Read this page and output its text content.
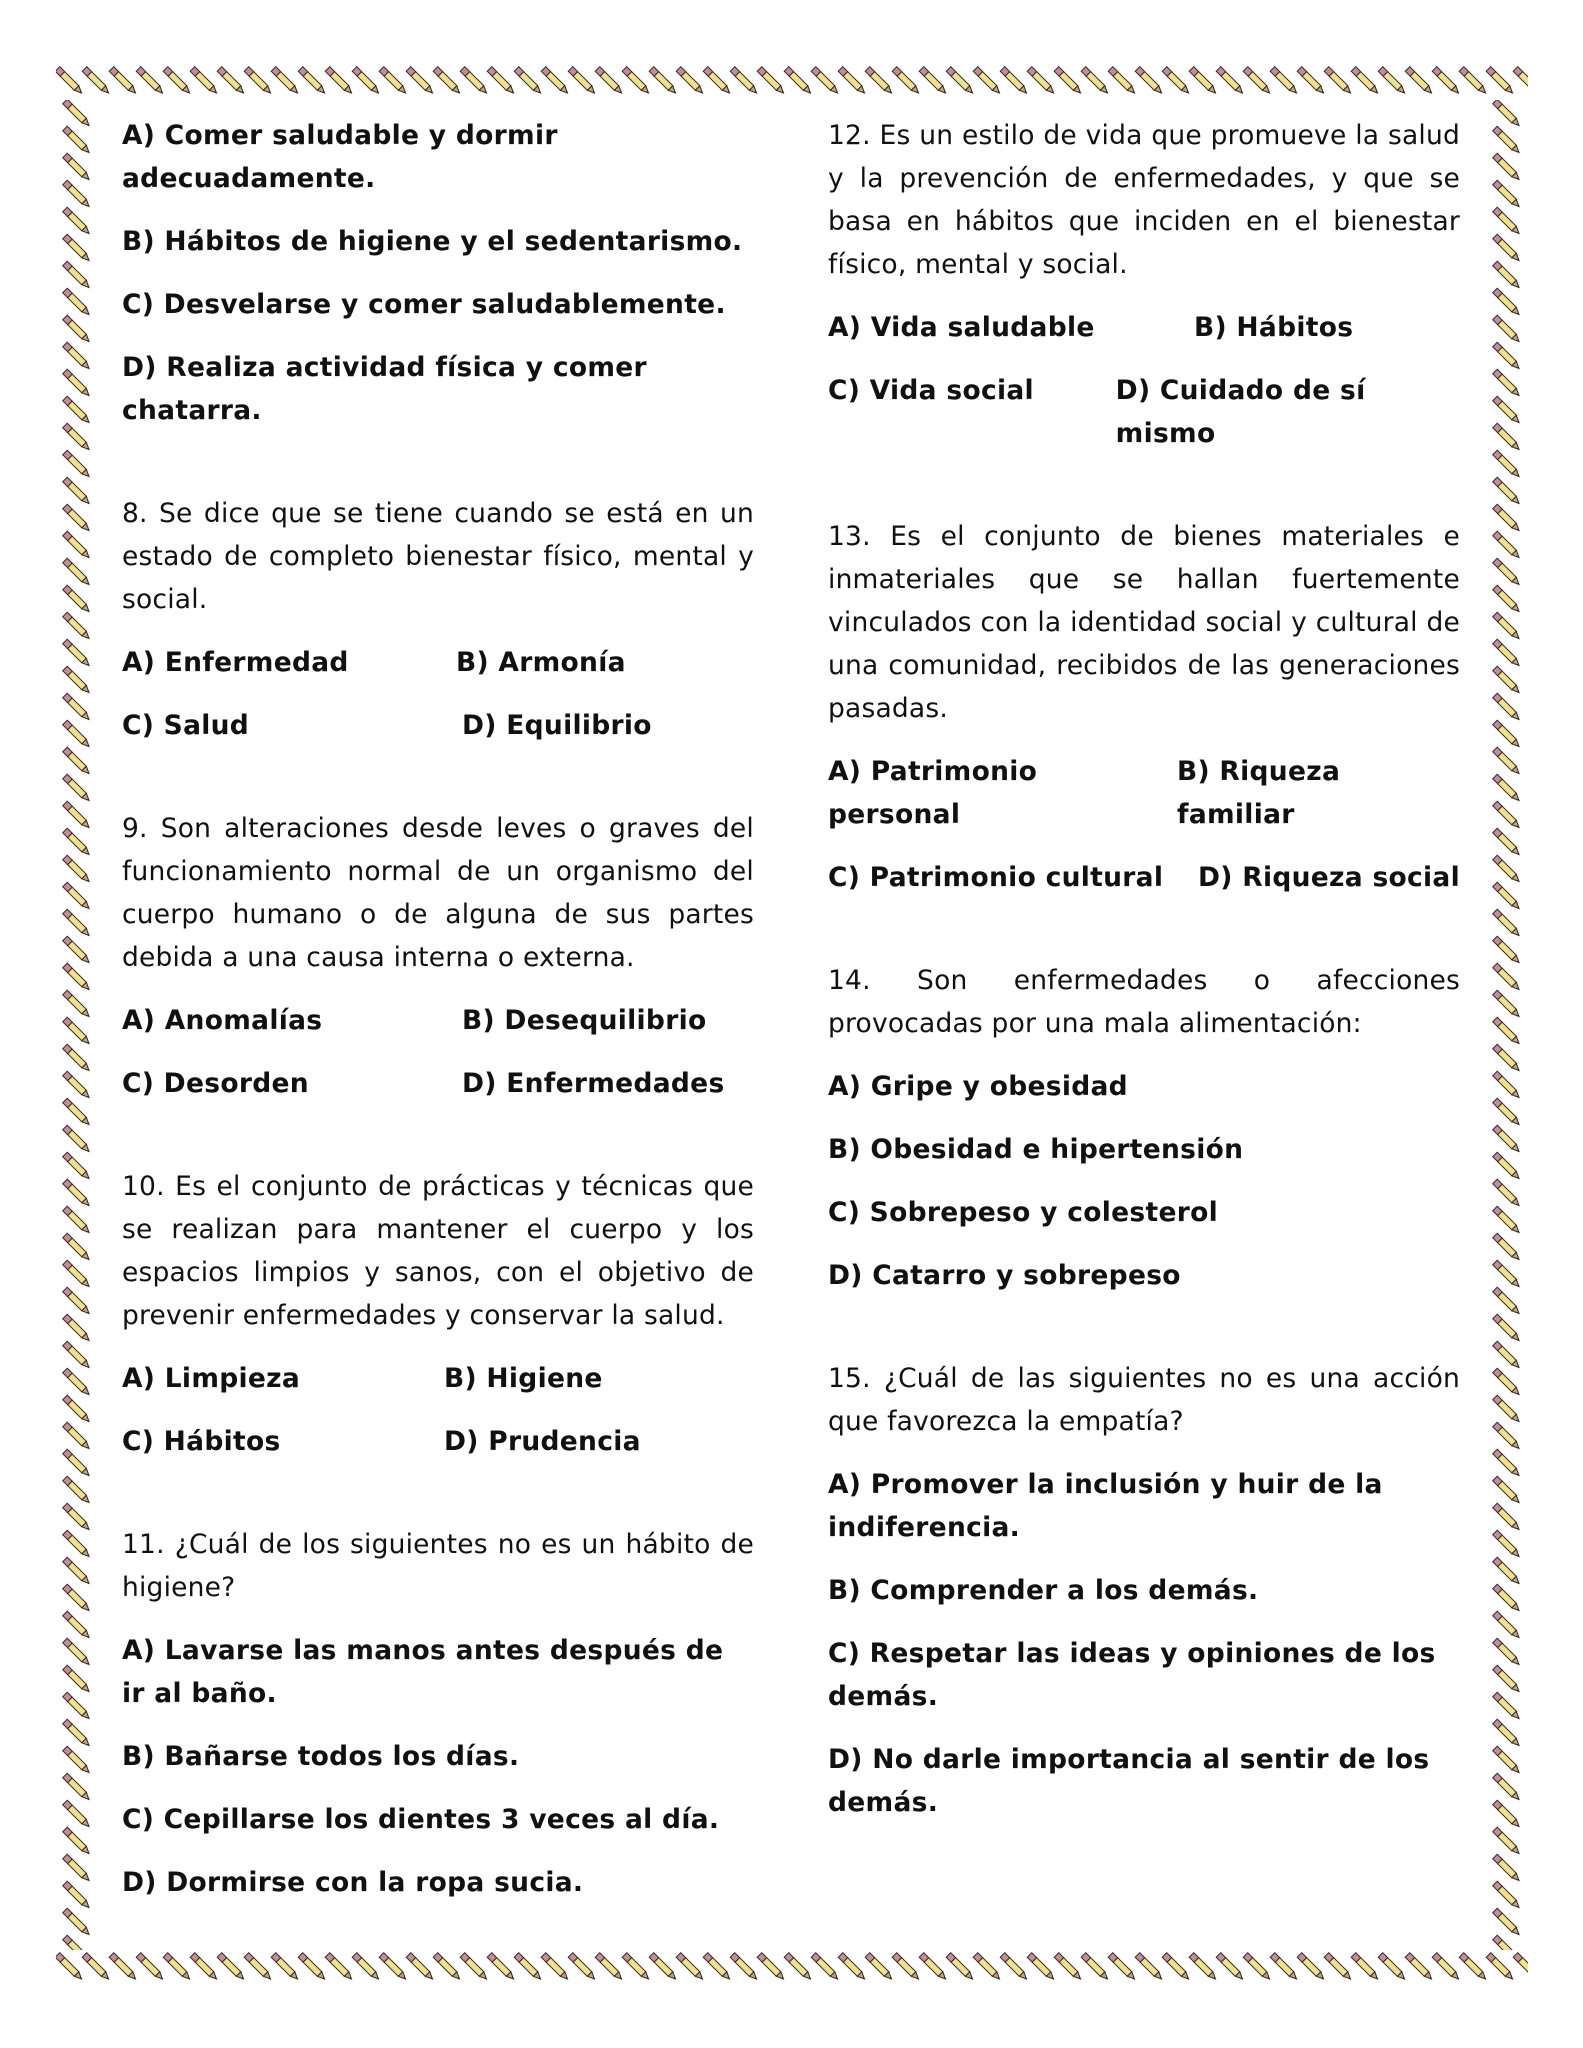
A) Comer saludable y dormir adecuadamente.
B) Hábitos de higiene y el sedentarismo.
C) Desvelarse y comer saludablemente.
D) Realiza actividad física y comer chatarra.

8. Se dice que se tiene cuando se está en un estado de completo bienestar físico, mental y social.

A) Enfermedad	B) Armonía
C) Salud	D) Equilibrio

9. Son alteraciones desde leves o graves del funcionamiento normal de un organismo del cuerpo humano o de alguna de sus partes debida a una causa interna o externa.

A) Anomalías	B) Desequilibrio
C) Desorden	D) Enfermedades

10. Es el conjunto de prácticas y técnicas que se realizan para mantener el cuerpo y los espacios limpios y sanos, con el objetivo de prevenir enfermedades y conservar la salud.

A) Limpieza	B) Higiene
C) Hábitos	D) Prudencia

11. ¿Cuál de los siguientes no es un hábito de higiene?

A) Lavarse las manos antes después de ir al baño.
B) Bañarse todos los días.
C) Cepillarse los dientes 3 veces al día.
D) Dormirse con la ropa sucia.

12. Es un estilo de vida que promueve la salud y la prevención de enfermedades, y que se basa en hábitos que inciden en el bienestar físico, mental y social.

A) Vida saludable	B) Hábitos
C) Vida social	D) Cuidado de sí mismo

13. Es el conjunto de bienes materiales e inmateriales que se hallan fuertemente vinculados con la identidad social y cultural de una comunidad, recibidos de las generaciones pasadas.

A) Patrimonio personal
B) Riqueza familiar
C) Patrimonio cultural	D) Riqueza social

14. Son enfermedades o afecciones provocadas por una mala alimentación:

A) Gripe y obesidad
B) Obesidad e hipertensión
C) Sobrepeso y colesterol
D) Catarro y sobrepeso

15. ¿Cuál de las siguientes no es una acción que favorezca la empatía?

A) Promover la inclusión y huir de la indiferencia.
B) Comprender a los demás.
C) Respetar las ideas y opiniones de los demás.
D) No darle importancia al sentir de los demás.
